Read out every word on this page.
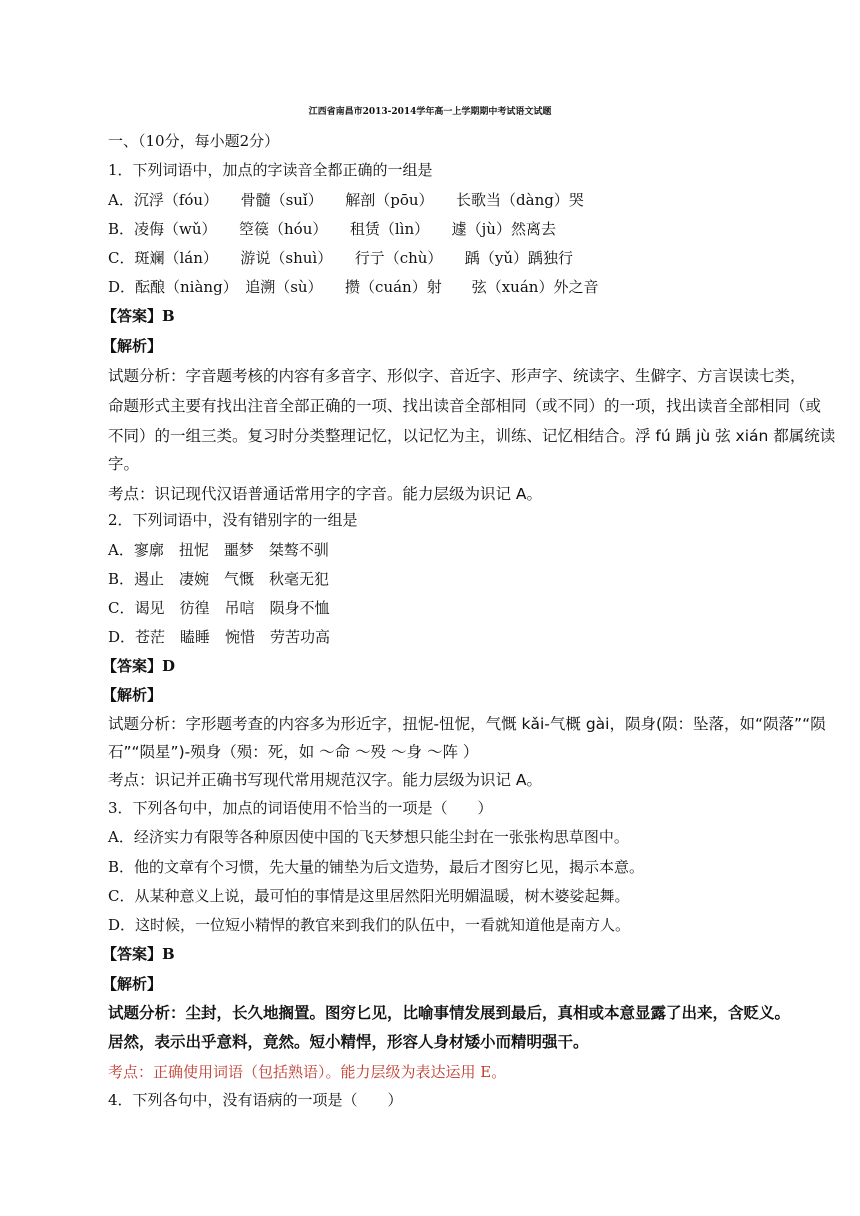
江西省南昌市2013-2014学年高一上学期期中考试语文试题
一、（10分，每小题2分）
1．下列词语中，加点的字读音全都正确的一组是
A．沉浮（fóu）　　骨髓（suǐ）　　解剖（pōu）　　长歌当（dàng）哭
B．凌侮（wǔ）　　箜篌（hóu）　　租赁（lìn）　　遽（jù）然离去
C．斑斓（lán）　　游说（shuì）　　行亍（chù）　　踽（yǔ）踽独行
D．酝酿（niàng）　追溯（sù）　　攒（cuán）射　　弦（xuán）外之音
【答案】B
【解析】
试题分析：字音题考核的内容有多音字、形似字、音近字、形声字、统读字、生僻字、方言误读七类，
命题形式主要有找出注音全部正确的一项、找出读音全部相同（或不同）的一项，找出读音全部相同（或
不同）的一组三类。复习时分类整理记忆，以记忆为主，训练、记忆相结合。浮 fú 踽 jù 弦 xián 都属统读
字。
考点：识记现代汉语普通话常用字的字音。能力层级为识记 A。
2．下列词语中，没有错别字的一组是
A．寥廓　扭怩　噩梦　桀骜不驯
B．遏止　凄婉　气慨　秋毫无犯
C．谒见　彷徨　吊唁　陨身不恤
D．苍茫　瞌睡　惋惜　劳苦功高
【答案】D
【解析】
试题分析：字形题考查的内容多为形近字，扭怩-忸怩，气慨 kǎi-气概 gài，陨身(陨：坠落，如“陨落”“陨
石”“陨星”)-殒身（殒：死，如 ～命 ～殁 ～身 ～阵 ）
考点：识记并正确书写现代常用规范汉字。能力层级为识记 A。
3．下列各句中，加点的词语使用不恰当的一项是（　　）
A．经济实力有限等各种原因使中国的飞天梦想只能尘封在一张张构思草图中。
B．他的文章有个习惯，先大量的铺垫为后文造势，最后才图穷匕见，揭示本意。
C．从某种意义上说，最可怕的事情是这里居然阳光明媚温暖，树木婆娑起舞。
D．这时候，一位短小精悍的教官来到我们的队伍中，一看就知道他是南方人。
【答案】B
【解析】
试题分析：尘封，长久地搁置。图穷匕见，比喻事情发展到最后，真相或本意显露了出来，含贬义。
居然，表示出乎意料，竟然。短小精悍，形容人身材矮小而精明强干。
考点：正确使用词语（包括熟语）。能力层级为表达运用 E。
4．下列各句中，没有语病的一项是（　　）
